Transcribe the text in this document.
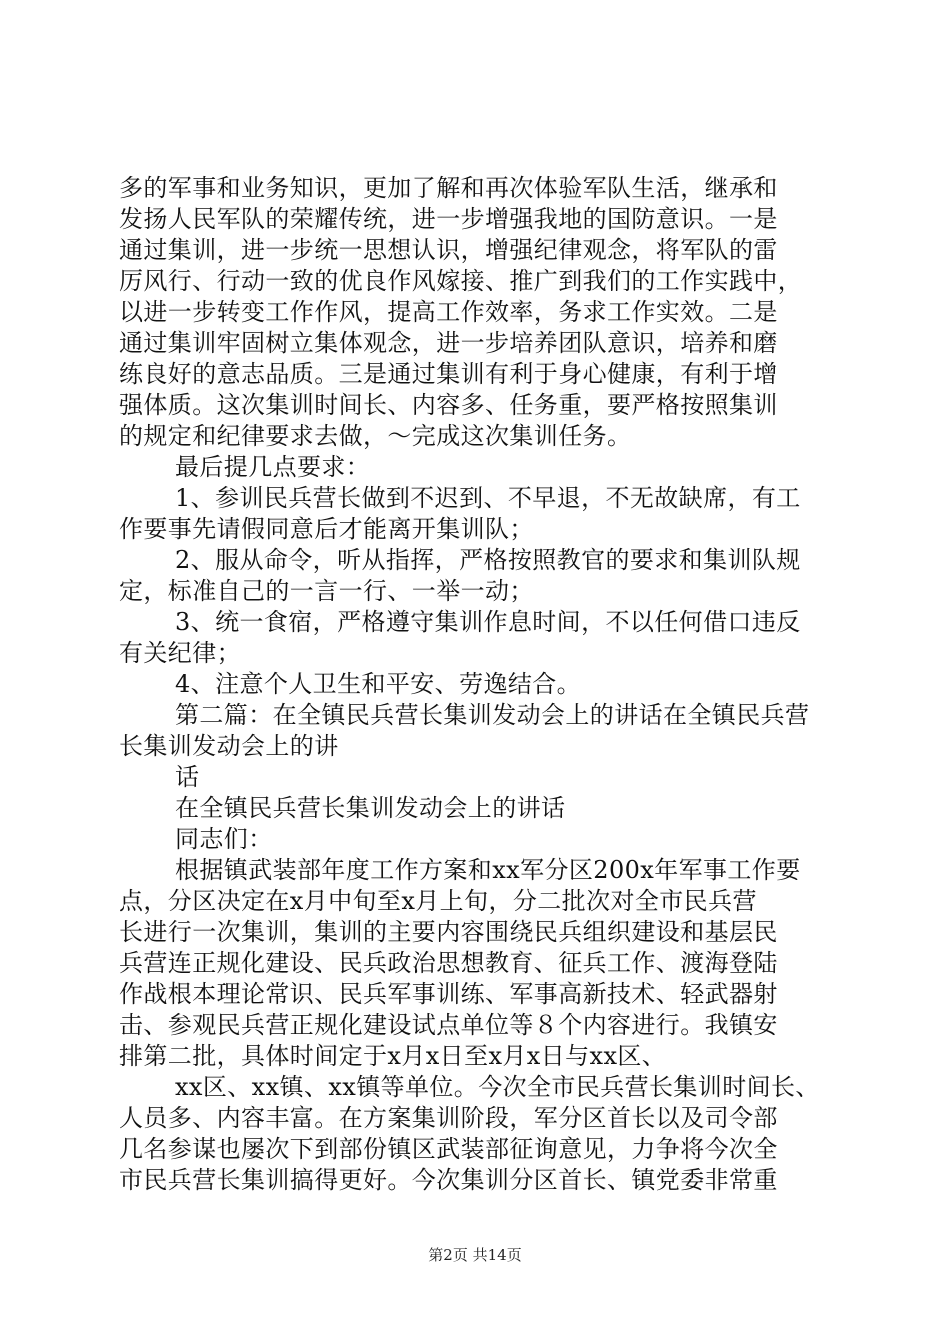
多的军事和业务知识，更加了解和再次体验军队生活，继承和
发扬人民军队的荣耀传统，进一步增强我地的国防意识。一是
通过集训，进一步统一思想认识，增强纪律观念，将军队的雷
厉风行、行动一致的优良作风嫁接、推广到我们的工作实践中，
以进一步转变工作作风，提高工作效率，务求工作实效。二是
通过集训牢固树立集体观念，进一步培养团队意识，培养和磨
练良好的意志品质。三是通过集训有利于身心健康，有利于增
强体质。这次集训时间长、内容多、任务重，要严格按照集训
的规定和纪律要求去做，～完成这次集训任务。
最后提几点要求：
1、参训民兵营长做到不迟到、不早退，不无故缺席，有工
作要事先请假同意后才能离开集训队；
2、服从命令，听从指挥，严格按照教官的要求和集训队规
定，标准自己的一言一行、一举一动；
3、统一食宿，严格遵守集训作息时间，不以任何借口违反
有关纪律；
4、注意个人卫生和平安、劳逸结合。
第二篇：在全镇民兵营长集训发动会上的讲话在全镇民兵营
长集训发动会上的讲
话
在全镇民兵营长集训发动会上的讲话
同志们：
根据镇武装部年度工作方案和xx军分区200x年军事工作要
点，分区决定在x月中旬至x月上旬，分二批次对全市民兵营
长进行一次集训，集训的主要内容围绕民兵组织建设和基层民
兵营连正规化建设、民兵政治思想教育、征兵工作、渡海登陆
作战根本理论常识、民兵军事训练、军事高新技术、轻武器射
击、参观民兵营正规化建设试点单位等８个内容进行。我镇安
排第二批，具体时间定于x月x日至x月x日与xx区、
xx区、xx镇、xx镇等单位。今次全市民兵营长集训时间长、
人员多、内容丰富。在方案集训阶段，军分区首长以及司令部
几名参谋也屡次下到部份镇区武装部征询意见，力争将今次全
市民兵营长集训搞得更好。今次集训分区首长、镇党委非常重
第2页 共14页
